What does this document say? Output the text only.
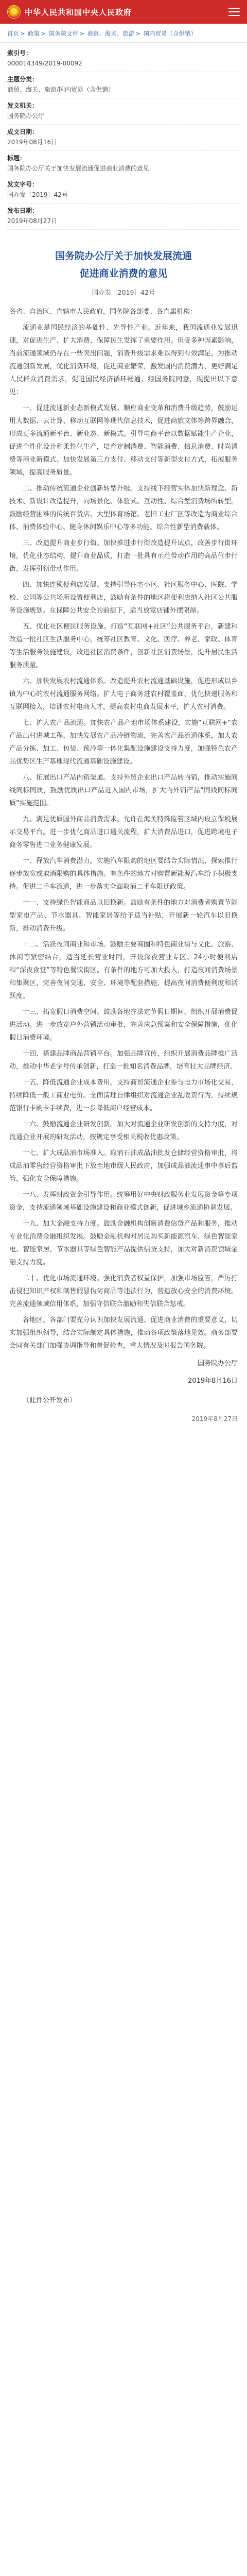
中华人民共和国中央人民政府
首页 > 政策 > 国务院文件 > 商贸、海关、旅游 > 国内贸易（含供销）
索引号：
000014349/2019-00092
主题分类：
商贸、海关、旅游/国内贸易（含供销）
发文机关：
国务院办公厅
成文日期：
2019年08月16日
标题：
国务院办公厅关于加快发展流通促进商业消费的意见
发文字号：
国办发〔2019〕42号
发布日期：
2019年08月27日
国务院办公厅关于加快发展流通
促进商业消费的意见
国办发〔2019〕42号

各省、自治区、直辖市人民政府，国务院各部委、各直属机构：

流通业是国民经济的基础性、先导性产业。近年来，我国流通业发展迅速，对促进生产、扩大消费、保障民生发挥了重要作用。但受多种因素影响，当前流通领域仍存在一些突出问题，消费升级需求难以得到有效满足。为推动流通创新发展，优化消费环境，促进商业繁荣，激发国内消费潜力，更好满足人民群众消费需求，促进国民经济循环畅通，经国务院同意，现提出以下意见：

一、促进流通新业态新模式发展。顺应商业变革和消费升级趋势，鼓励运用大数据、云计算、移动互联网等现代信息技术，促进商旅文体等跨界融合，形成更多流通新平台、新业态、新模式。引导电商平台以数据赋能生产企业，促进个性化设计和柔性化生产，培育定制消费、智能消费、信息消费、时尚消费等商业新模式。加快发展第三方支付、移动支付等新型支付方式，拓展服务领域，提高服务质量。

二、推动传统流通企业创新转型升级。支持线下经营实体加快新理念、新技术、新设计改造提升，向场景化、体验式、互动性、综合型消费场所转型。鼓励经营困难的传统百货店、大型体育场馆、老旧工业厂区等改造为商业综合体、消费体验中心、健身休闲娱乐中心等多功能、综合性新型消费载体。

三、改造提升商业步行街。加快推进步行街改造提升试点，改善步行街环境，优化业态结构，提升商业品质，打造一批具有示范带动作用的高品位步行街，发挥引领带动作用。

四、加快连锁便利店发展。支持引导住宅小区、社区服务中心、医院、学校、公园等公共场所设置便利店，鼓励有条件的地区将便利店纳入社区公共服务设施规划。在保障公共安全的前提下，适当放宽店铺外摆限制。

五、优化社区便民服务设施。打造“互联网+社区”公共服务平台，新建和改造一批社区生活服务中心，统筹社区教育、文化、医疗、养老、家政、体育等生活服务设施建设，改进社区消费条件，创新社区消费场景，提升居民生活服务质量。

六、加快发展农村流通体系。改造提升农村流通基础设施，促进形成以乡镇为中心的农村流通服务网络。扩大电子商务进农村覆盖面，优化快递服务和互联网接入，培训农村电商人才，提高农村电商发展水平，扩大农村消费。

七、扩大农产品流通。加快农产品产地市场体系建设，实施“互联网+”农产品出村进城工程，加快发展农产品冷链物流，完善农产品流通体系，加大农产品分拣、加工、包装、预冷等一体化集配设施建设支持力度，加强特色农产品优势区生产基地现代流通基础设施建设。

八、拓展出口产品内销渠道。支持外贸企业出口产品转内销，推动实施同线同标同质，鼓励优质出口产品进入国内市场，扩大内外销产品“同线同标同质”实施范围。

九、满足优质国外商品消费需求。允许在海关特殊监管区域内设立保税展示交易平台。进一步优化商品进口通关流程，扩大消费品进口，促进跨境电子商务零售进口业务健康发展。

十、释放汽车消费潜力。实施汽车限购的地区要结合实际情况，探索推行逐步放宽或取消限购的具体措施。有条件的地方对购置新能源汽车给予积极支持。促进二手车流通，进一步落实全面取消二手车限迁政策。

十一、支持绿色智能商品以旧换新。鼓励有条件的地方对消费者购置节能型家电产品、节水器具、智能家居等给予适当补贴，开展新一轮汽车以旧换新，推动消费升级。

十二、活跃夜间商业和市场。鼓励主要商圈和特色商业街与文化、旅游、休闲等紧密结合，适当延长营业时间，开设深夜营业专区、24小时便利店和“深夜食堂”等特色餐饮街区。有条件的地方可加大投入，打造夜间消费场景和集聚区，完善夜间交通、安全、环境等配套措施，提高夜间消费便利度和活跃度。

十三、拓宽假日消费空间。鼓励各地在法定节假日期间，组织开展消费促进活动。进一步放宽户外营销活动审批，完善应急预案和安全保障措施，优化假日消费环境。

十四、搭建品牌商品营销平台。加强品牌宣传，组织开展消费品牌推广活动，推动中华老字号传承创新，打造一批知名消费品牌，培育壮大品牌经济。

十五、降低流通企业成本费用。支持商贸流通企业参与电力市场化交易，持续降低一般工商业电价。全面清理自律组织对流通企业乱收费行为，持续规范银行卡刷卡手续费，进一步降低商户经营成本。

十六、鼓励流通企业研发创新。加大对流通企业研发创新的支持力度，对流通企业开展的研发活动，按规定享受相关税收优惠政策。

十七、扩大成品油市场准入。取消石油成品油批发仓储经营资格审批，将成品油零售经营资格审批下放至地市级人民政府，加强成品油流通事中事后监管，强化安全保障措施。

十八、发挥财政资金引导作用。统筹用好中央财政服务业发展资金等专项资金，支持流通领域基础设施建设和商业模式创新，促进城乡流通协调发展。

十九、加大金融支持力度。鼓励金融机构创新消费信贷产品和服务，推动专业化消费金融组织发展。鼓励金融机构对居民购买新能源汽车、绿色智能家电、智能家居、节水器具等绿色智能产品提供信贷支持，加大对新消费领域金融支持力度。

二十、优化市场流通环境。强化消费者权益保护，加强市场监管，严厉打击侵犯知识产权和制售假冒伪劣商品等违法行为，营造放心安全的消费环境。完善流通领域信用体系，加强守信联合激励和失信联合惩戒。

各地区、各部门要充分认识加快发展流通、促进商业消费的重要意义，切实加强组织领导，结合实际制定具体措施，推动各项政策落地见效。商务部要会同有关部门加强协调指导和督促检查，重大情况及时报告国务院。

国务院办公厅
2019年8月16日

（此件公开发布）

2019年8月27日
